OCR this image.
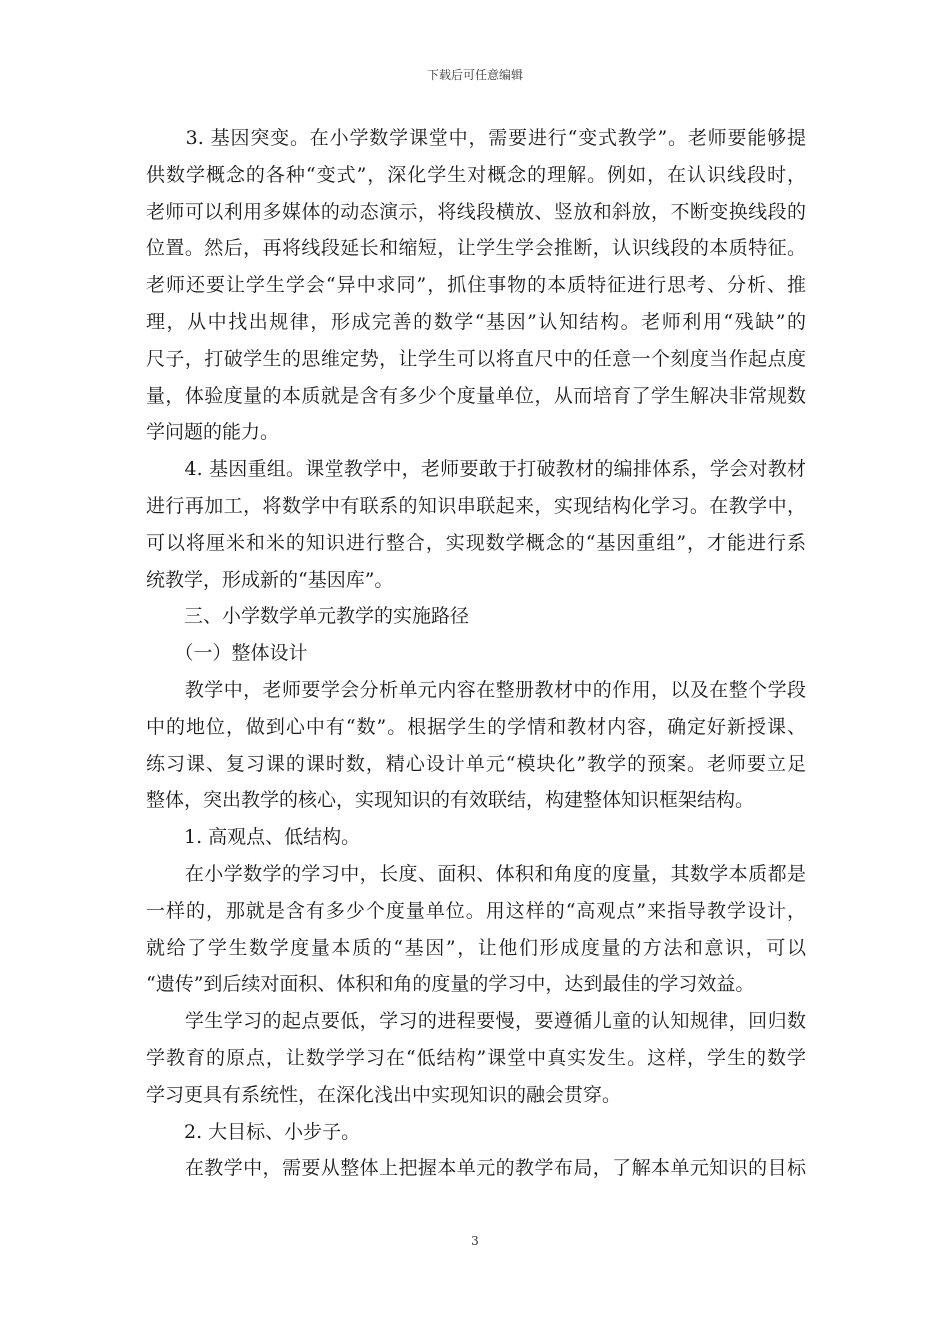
下载后可任意编辑
　　3. 基因突变。在小学数学课堂中，需要进行“变式教学”。老师要能够提
供数学概念的各种“变式”，深化学生对概念的理解。例如，在认识线段时，
老师可以利用多媒体的动态演示，将线段横放、竖放和斜放，不断变换线段的
位置。然后，再将线段延长和缩短，让学生学会推断，认识线段的本质特征。
老师还要让学生学会“异中求同”，抓住事物的本质特征进行思考、分析、推
理，从中找出规律，形成完善的数学“基因”认知结构。老师利用“残缺”的
尺子，打破学生的思维定势，让学生可以将直尺中的任意一个刻度当作起点度
量，体验度量的本质就是含有多少个度量单位，从而培育了学生解决非常规数
学问题的能力。
　　4. 基因重组。课堂教学中，老师要敢于打破教材的编排体系，学会对教材
进行再加工，将数学中有联系的知识串联起来，实现结构化学习。在教学中，
可以将厘米和米的知识进行整合，实现数学概念的“基因重组”，才能进行系
统教学，形成新的“基因库”。
　　三、小学数学单元教学的实施路径
　　（一）整体设计
　　教学中，老师要学会分析单元内容在整册教材中的作用，以及在整个学段
中的地位，做到心中有“数”。根据学生的学情和教材内容，确定好新授课、
练习课、复习课的课时数，精心设计单元“模块化”教学的预案。老师要立足
整体，突出教学的核心，实现知识的有效联结，构建整体知识框架结构。
　　1. 高观点、低结构。
　　在小学数学的学习中，长度、面积、体积和角度的度量，其数学本质都是
一样的，那就是含有多少个度量单位。用这样的“高观点”来指导教学设计，
就给了学生数学度量本质的“基因”，让他们形成度量的方法和意识，可以
“遗传”到后续对面积、体积和角的度量的学习中，达到最佳的学习效益。
　　学生学习的起点要低，学习的进程要慢，要遵循儿童的认知规律，回归数
学教育的原点，让数学学习在“低结构”课堂中真实发生。这样，学生的数学
学习更具有系统性，在深化浅出中实现知识的融会贯穿。
　　2. 大目标、小步子。
　　在教学中，需要从整体上把握本单元的教学布局，了解本单元知识的目标
3
